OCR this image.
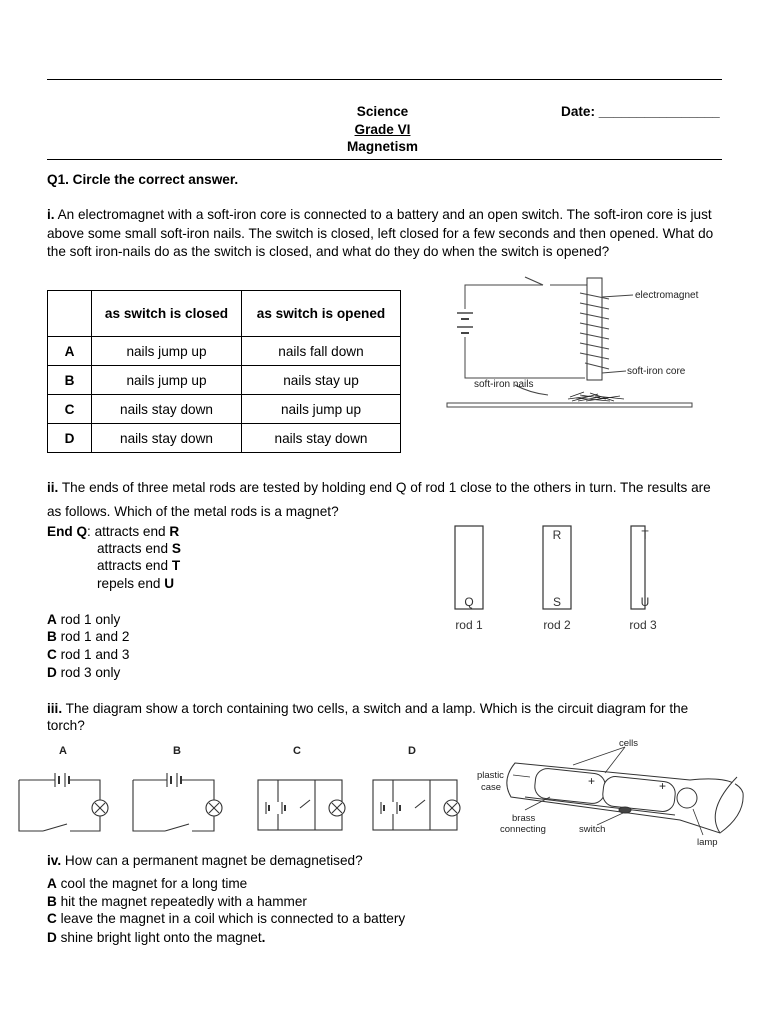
Science
Grade VI
Magnetism
Date: ________________
Q1. Circle the correct answer.
i. An electromagnet with a soft-iron core is connected to a battery and an open switch. The soft-iron core is just above some small soft-iron nails. The switch is closed, left closed for a few seconds and then opened. What do the soft iron-nails do as the switch is closed, and what do they do when the switch is opened?
	as switch is closed	as switch is opened
A	nails jump up	nails fall down
B	nails jump up	nails stay up
C	nails stay down	nails jump up
D	nails stay down	nails stay down
electromagnet
soft-iron core
soft-iron nails
ii. The ends of three metal rods are tested by holding end Q of rod 1 close to the others in turn. The results are as follows. Which of the metal rods is a magnet?
End Q: attracts end R
attracts end S
attracts end T
repels end U
A rod 1 only
B rod 1 and 2
C rod 1 and 3
D rod 3 only
R	T
Q	S	U
rod 1	rod 2	rod 3
iii. The diagram show a torch containing two cells, a switch and a lamp. Which is the circuit diagram for the torch?
A	B	C	D
+
+
cells
plastic
case
brass
connecting	switch
lamp
iv. How can a permanent magnet be demagnetised?
A cool the magnet for a long time
B hit the magnet repeatedly with a hammer
C leave the magnet in a coil which is connected to a battery
D shine bright light onto the magnet.
